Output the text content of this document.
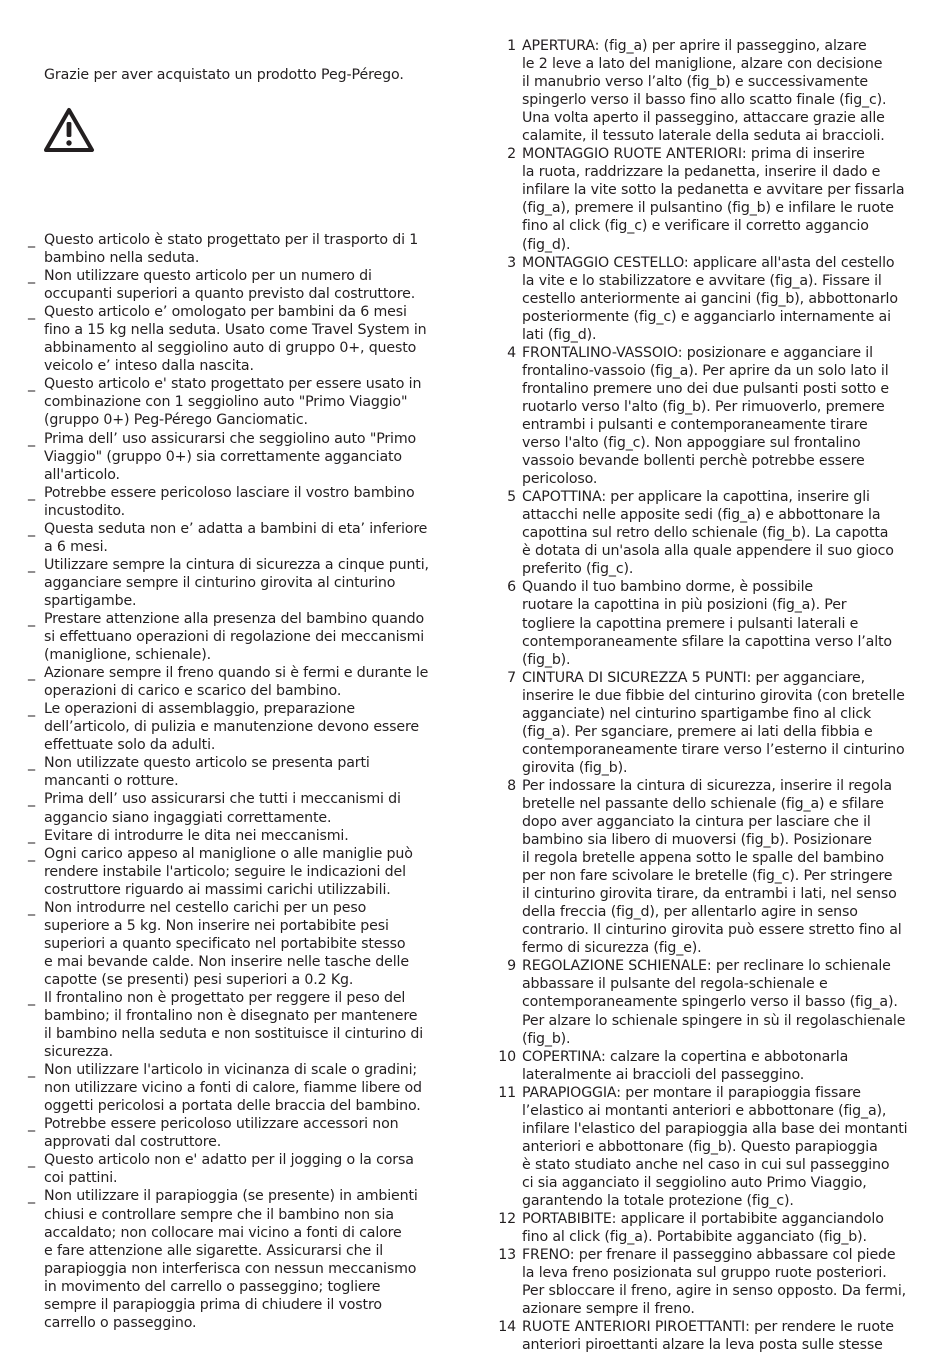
Grazie per aver acquistato un prodotto Peg-Pérego.
_ Questo articolo è stato progettato per il trasporto di 1
bambino nella seduta.
_ Non utilizzare questo articolo per un numero di
occupanti superiori a quanto previsto dal costruttore.
_ Questo articolo e’ omologato per bambini da 6 mesi
fino a 15 kg nella seduta. Usato come Travel System in
abbinamento al seggiolino auto di gruppo 0+, questo
veicolo e’ inteso dalla nascita.
_ Questo articolo e' stato progettato per essere usato in
combinazione con 1 seggiolino auto "Primo Viaggio"
(gruppo 0+) Peg-Pérego Ganciomatic.
_ Prima dell’ uso assicurarsi che seggiolino auto "Primo
Viaggio" (gruppo 0+) sia correttamente agganciato
all'articolo.
_ Potrebbe essere pericoloso lasciare il vostro bambino
incustodito.
_ Questa seduta non e’ adatta a bambini di eta’ inferiore
a 6 mesi.
_ Utilizzare sempre la cintura di sicurezza a cinque punti,
agganciare sempre il cinturino girovita al cinturino
spartigambe.
_ Prestare attenzione alla presenza del bambino quando
si effettuano operazioni di regolazione dei meccanismi
(maniglione, schienale).
_ Azionare sempre il freno quando si è fermi e durante le
operazioni di carico e scarico del bambino.
_ Le operazioni di assemblaggio, preparazione
dell’articolo, di pulizia e manutenzione devono essere
effettuate solo da adulti.
_ Non utilizzate questo articolo se presenta parti
mancanti o rotture.
_ Prima dell’ uso assicurarsi che tutti i meccanismi di
aggancio siano ingaggiati correttamente.
_ Evitare di introdurre le dita nei meccanismi.
_ Ogni carico appeso al maniglione o alle maniglie può
rendere instabile l'articolo; seguire le indicazioni del
costruttore riguardo ai massimi carichi utilizzabili.
_ Non introdurre nel cestello carichi per un peso
superiore a 5 kg. Non inserire nei portabibite pesi
superiori a quanto specificato nel portabibite stesso
e mai bevande calde. Non inserire nelle tasche delle
capotte (se presenti) pesi superiori a 0.2 Kg.
_ Il frontalino non è progettato per reggere il peso del
bambino; il frontalino non è disegnato per mantenere
il bambino nella seduta e non sostituisce il cinturino di
sicurezza.
_ Non utilizzare l'articolo in vicinanza di scale o gradini;
non utilizzare vicino a fonti di calore, fiamme libere od
oggetti pericolosi a portata delle braccia del bambino.
_ Potrebbe essere pericoloso utilizzare accessori non
approvati dal costruttore.
_ Questo articolo non e' adatto per il jogging o la corsa
coi pattini.
_ Non utilizzare il parapioggia (se presente) in ambienti
chiusi e controllare sempre che il bambino non sia
accaldato; non collocare mai vicino a fonti di calore
e fare attenzione alle sigarette. Assicurarsi che il
parapioggia non interferisca con nessun meccanismo
in movimento del carrello o passeggino; togliere
sempre il parapioggia prima di chiudere il vostro
carrello o passeggino.
1 APERTURA: (fig_a) per aprire il passeggino, alzare
le 2 leve a lato del maniglione, alzare con decisione
il manubrio verso l’alto (fig_b) e successivamente
spingerlo verso il basso fino allo scatto finale (fig_c).
Una volta aperto il passeggino, attaccare grazie alle
calamite, il tessuto laterale della seduta ai braccioli.
2 MONTAGGIO RUOTE ANTERIORI: prima di inserire
la ruota, raddrizzare la pedanetta, inserire il dado e
infilare la vite sotto la pedanetta e avvitare per fissarla
(fig_a), premere il pulsantino (fig_b) e infilare le ruote
fino al click (fig_c) e verificare il corretto aggancio
(fig_d).
3 MONTAGGIO CESTELLO: applicare all'asta del cestello
la vite e lo stabilizzatore e avvitare (fig_a). Fissare il
cestello anteriormente ai gancini (fig_b), abbottonarlo
posteriormente (fig_c) e agganciarlo internamente ai
lati (fig_d).
4 FRONTALINO-VASSOIO: posizionare e agganciare il
frontalino-vassoio (fig_a). Per aprire da un solo lato il
frontalino premere uno dei due pulsanti posti sotto e
ruotarlo verso l'alto (fig_b). Per rimuoverlo, premere
entrambi i pulsanti e contemporaneamente tirare
verso l'alto (fig_c). Non appoggiare sul frontalino
vassoio bevande bollenti perchè potrebbe essere
pericoloso.
5 CAPOTTINA: per applicare la capottina, inserire gli
attacchi nelle apposite sedi (fig_a) e abbottonare la
capottina sul retro dello schienale (fig_b). La capotta
è dotata di un'asola alla quale appendere il suo gioco
preferito (fig_c).
6 Quando il tuo bambino dorme, è possibile
ruotare la capottina in più posizioni (fig_a). Per
togliere la capottina premere i pulsanti laterali e
contemporaneamente sfilare la capottina verso l’alto
(fig_b).
7 CINTURA DI SICUREZZA 5 PUNTI: per agganciare,
inserire le due fibbie del cinturino girovita (con bretelle
agganciate) nel cinturino spartigambe fino al click
(fig_a). Per sganciare, premere ai lati della fibbia e
contemporaneamente tirare verso l’esterno il cinturino
girovita (fig_b).
8 Per indossare la cintura di sicurezza, inserire il regola
bretelle nel passante dello schienale (fig_a) e sfilare
dopo aver agganciato la cintura per lasciare che il
bambino sia libero di muoversi (fig_b). Posizionare
il regola bretelle appena sotto le spalle del bambino
per non fare scivolare le bretelle (fig_c). Per stringere
il cinturino girovita tirare, da entrambi i lati, nel senso
della freccia (fig_d), per allentarlo agire in senso
contrario. Il cinturino girovita può essere stretto fino al
fermo di sicurezza (fig_e).
9 REGOLAZIONE SCHIENALE: per reclinare lo schienale
abbassare il pulsante del regola-schienale e
contemporaneamente spingerlo verso il basso (fig_a).
Per alzare lo schienale spingere in sù il regolaschienale
(fig_b).
10 COPERTINA: calzare la copertina e abbotonarla
lateralmente ai braccioli del passeggino.
11 PARAPIOGGIA: per montare il parapioggia fissare
l’elastico ai montanti anteriori e abbottonare (fig_a),
infilare l'elastico del parapioggia alla base dei montanti
anteriori e abbottonare (fig_b). Questo parapioggia
è stato studiato anche nel caso in cui sul passeggino
ci sia agganciato il seggiolino auto Primo Viaggio,
garantendo la totale protezione (fig_c).
12 PORTABIBITE: applicare il portabibite agganciandolo
fino al click (fig_a). Portabibite agganciato (fig_b).
13 FRENO: per frenare il passeggino abbassare col piede
la leva freno posizionata sul gruppo ruote posteriori.
Per sbloccare il freno, agire in senso opposto. Da fermi,
azionare sempre il freno.
14 RUOTE ANTERIORI PIROETTANTI: per rendere le ruote
anteriori piroettanti alzare la leva posta sulle stesse
